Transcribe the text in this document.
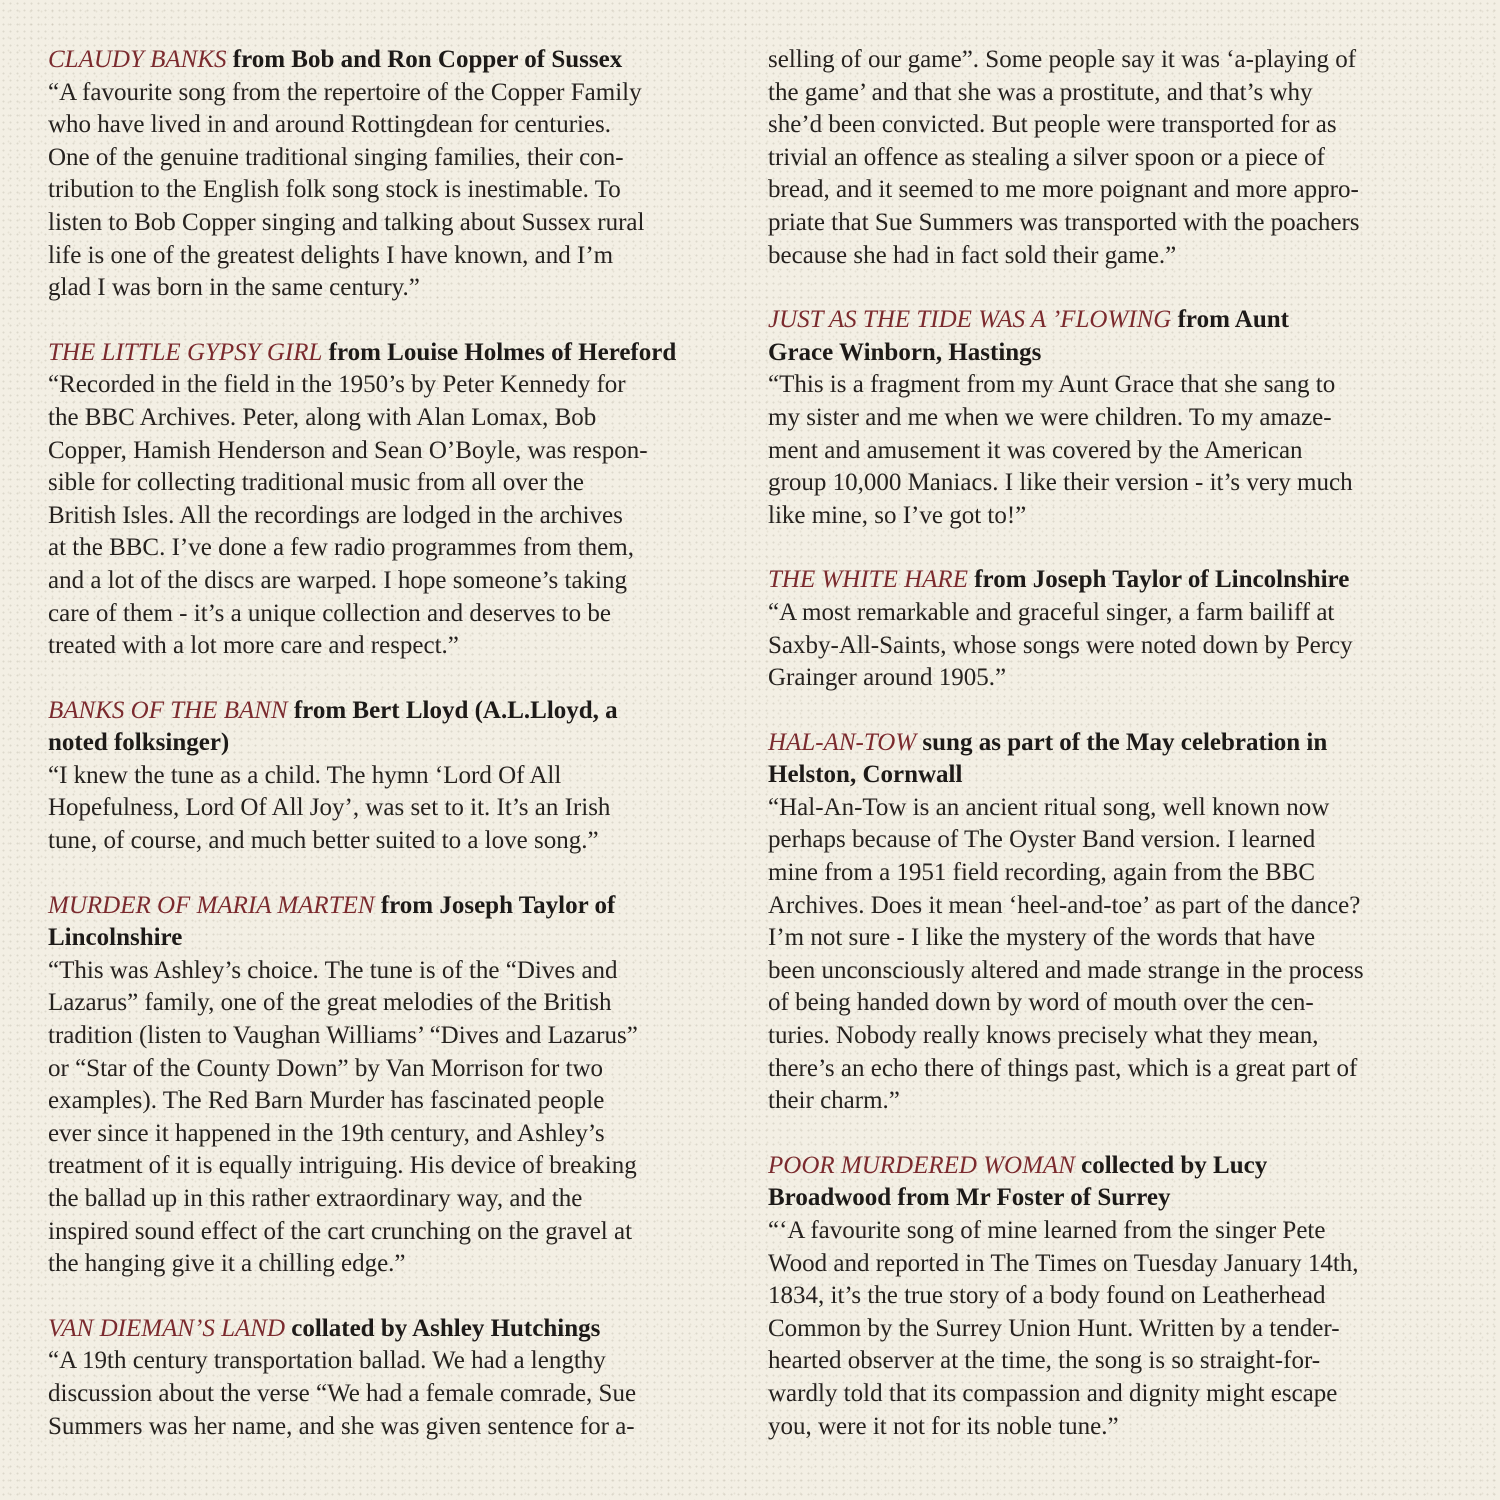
CLAUDY BANKS from Bob and Ron Copper of Sussex

“A favourite song from the repertoire of the Copper Family

who have lived in and around Rottingdean for centuries.

One of the genuine traditional singing families, their con-

tribution to the English folk song stock is inestimable. To

listen to Bob Copper singing and talking about Sussex rural

life is one of the greatest delights I have known, and I’m

glad I was born in the same century.”

THE LITTLE GYPSY GIRL from Louise Holmes of Hereford

“Recorded in the field in the 1950’s by Peter Kennedy for

the BBC Archives. Peter, along with Alan Lomax, Bob

Copper, Hamish Henderson and Sean O’Boyle, was respon-

sible for collecting traditional music from all over the

British Isles. All the recordings are lodged in the archives

at the BBC. I’ve done a few radio programmes from them,

and a lot of the discs are warped. I hope someone’s taking

care of them - it’s a unique collection and deserves to be

treated with a lot more care and respect.”

BANKS OF THE BANN from Bert Lloyd (A.L.Lloyd, a

noted folksinger)

“I knew the tune as a child. The hymn ‘Lord Of All

Hopefulness, Lord Of All Joy’, was set to it. It’s an Irish

tune, of course, and much better suited to a love song.”

MURDER OF MARIA MARTEN from Joseph Taylor of

Lincolnshire

“This was Ashley’s choice. The tune is of the “Dives and

Lazarus” family, one of the great melodies of the British

tradition (listen to Vaughan Williams’ “Dives and Lazarus”

or “Star of the County Down” by Van Morrison for two

examples). The Red Barn Murder has fascinated people

ever since it happened in the 19th century, and Ashley’s

treatment of it is equally intriguing. His device of breaking

the ballad up in this rather extraordinary way, and the

inspired sound effect of the cart crunching on the gravel at

the hanging give it a chilling edge.”

VAN DIEMAN’S LAND collated by Ashley Hutchings

“A 19th century transportation ballad. We had a lengthy

discussion about the verse “We had a female comrade, Sue

Summers was her name, and she was given sentence for a-

selling of our game”. Some people say it was ‘a-playing of

the game’ and that she was a prostitute, and that’s why

she’d been convicted. But people were transported for as

trivial an offence as stealing a silver spoon or a piece of

bread, and it seemed to me more poignant and more appro-

priate that Sue Summers was transported with the poachers

because she had in fact sold their game.”

JUST AS THE TIDE WAS A ’FLOWING from Aunt

Grace Winborn, Hastings

“This is a fragment from my Aunt Grace that she sang to

my sister and me when we were children. To my amaze-

ment and amusement it was covered by the American

group 10,000 Maniacs. I like their version - it’s very much

like mine, so I’ve got to!”

THE WHITE HARE from Joseph Taylor of Lincolnshire

“A most remarkable and graceful singer, a farm bailiff at

Saxby-All-Saints, whose songs were noted down by Percy

Grainger around 1905.”

HAL-AN-TOW sung as part of the May celebration in

Helston, Cornwall

“Hal-An-Tow is an ancient ritual song, well known now

perhaps because of The Oyster Band version. I learned

mine from a 1951 field recording, again from the BBC

Archives. Does it mean ‘heel-and-toe’ as part of the dance?

I’m not sure - I like the mystery of the words that have

been unconsciously altered and made strange in the process

of being handed down by word of mouth over the cen-

turies. Nobody really knows precisely what they mean,

there’s an echo there of things past, which is a great part of

their charm.”

POOR MURDERED WOMAN collected by Lucy

Broadwood from Mr Foster of Surrey

“‘A favourite song of mine learned from the singer Pete

Wood and reported in The Times on Tuesday January 14th,

1834, it’s the true story of a body found on Leatherhead

Common by the Surrey Union Hunt. Written by a tender-

hearted observer at the time, the song is so straight-for-

wardly told that its compassion and dignity might escape

you, were it not for its noble tune.”
